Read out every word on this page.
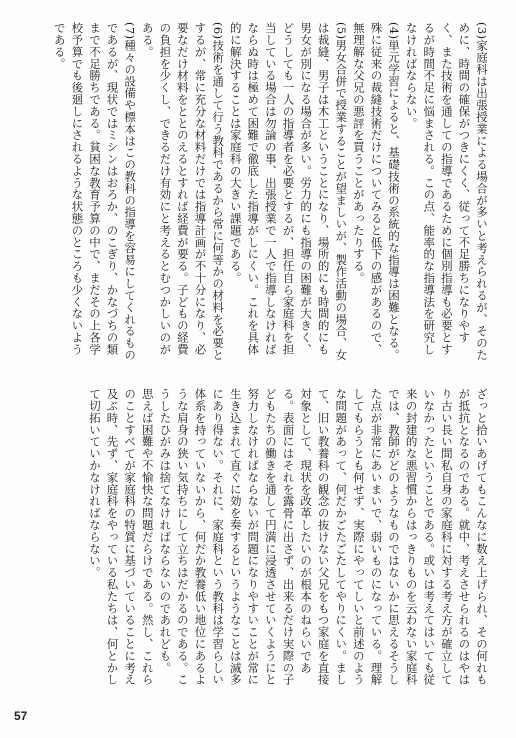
(3)家庭科は出張授業による場合が多いと考えられるが、そのために、時間の確保がつきにくく、従って不足勝ちになりやすく、また技術を通しての指導であるために個別指導も必要とするが時間不足に悩まされる。この点、能率的な指導法を研究しなければならない。

(4)単元学習によると、基礎技術の系統的な指導は困難となる。殊に従来の裁縫技術だけについてみると低下の感があるので、無理解な父兄の悪評を買うことがあったりする。

(5)男女合併で授業することが望ましいが、製作活動の場合、女は裁縫、男子は木工ということになり、場所的にも時間的にも男女が別になる場合が多い。労力的にも指導の困難が大きく、どうしても一人の指導者を必要とするが、担任自ら家庭科を担当している場合は勿論の事、出張授業で一人で指導しなければならぬ時は極めて困難で徹底した指導がしにくい。これを具体的に解決することは家庭科の大きい課題である。

(6)技術を通して行う教科であるから常に何等かの材料を必要とするが、常に充分な材料だけでは指導計画が不十分になり、必要なだけ材料をととのえるとすれば経費が要る。子どもの経費の負担を少くし、できるだけ有効にと考えるとむつかしいのがある。

(7)種々の設備や標本はこの教科の指導を容易にしてくれるものであるが、現状ではミシンはおろか、のこぎり、かなづちの類まで不足勝ちである。貧困な教育予算の中で、まだその上各学校予算でも後廻しにされるような状態のところも少くないようである。

ざっと拾いあげてもこんなに数え上げられ、その何れもが抵抗となるのである。就中、考えさせられるのはやはり古い長い間私自身の家庭科に対する考え方が確立していなかったということである。或いは考えてはいても従来の封建的な悪習慣からはっきりものを云わない家庭科では、教師がどのようなものではないかに思えるそうした点が非常にあいまいで、弱いものになっている。理解してもらうとも何せず、実際にやってしいと前述のような問題があって、何だかごたごたしてやりにくい。まして、旧い教養科の観念の抜けない父兄をもつ家庭を直接対象として、現状を改革したいのが根本のねらいである。表面にはそれを露骨に出さず、出来るだけ実際の子どもたちの働きを通して円満に浸透させていくようにと努力しなければならないが問題になりやすいことが常に生き込まれて直ぐに効を奏するというようなことは滅多にあり得ない。それに、家庭科という教科は学習らしい体系を持っていないから、何だか教養低い地位にあるような肩身の狭い気持ちにして立ちはだかるのである。こうしたひがみは捨てなければならないのであれども。

思えば困難や不愉快な問題だらけである。然し、これらのことすべてが家庭科の特質に基づいていることに考え及ぶ時、先ず、家庭科をやっている私たちは、何とかして切拓いていかなければならない。

57
